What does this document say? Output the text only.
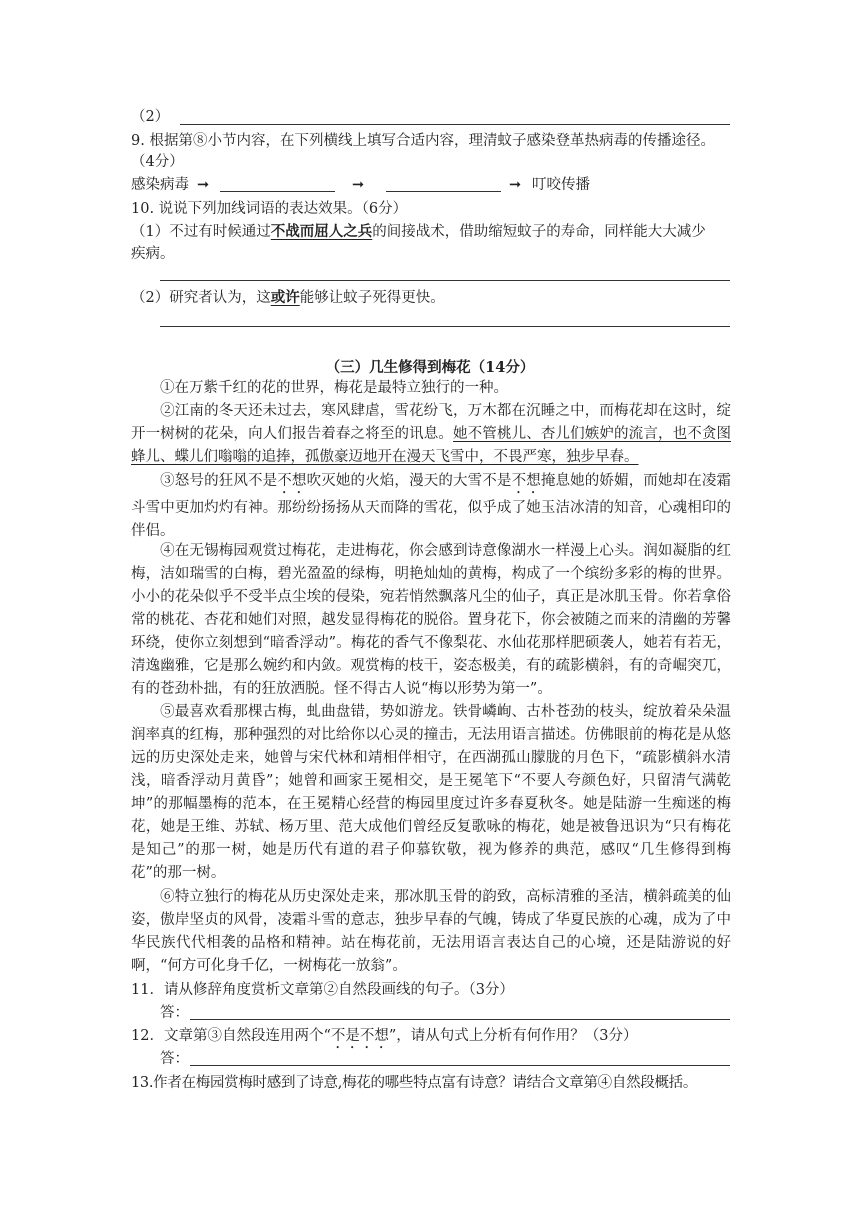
（2）
9. 根据第⑧小节内容，在下列横线上填写合适内容，理清蚊子感染登革热病毒的传播途径。
（4分）
感染病毒 ➞	➞	➞ 叮咬传播
10. 说说下列加线词语的表达效果。（6分）
（1）不过有时候通过不战而屈人之兵的间接战术，借助缩短蚊子的寿命，同样能大大减少
疾病。
（2）研究者认为，这或许能够让蚊子死得更快。
（三）几生修得到梅花（14分）
①在万紫千红的花的世界，梅花是最特立独行的一种。
②江南的冬天还未过去，寒风肆虐，雪花纷飞，万木都在沉睡之中，而梅花却在这时，绽开一树树的花朵，向人们报告着春之将至的讯息。她不管桃儿、杏儿们嫉妒的流言，也不贪图蜂儿、蝶儿们嗡嗡的追捧，孤傲豪迈地开在漫天飞雪中，不畏严寒，独步早春。
③怒号的狂风不是不想吹灭她的火焰，漫天的大雪不是不想掩息她的娇媚，而她却在凌霜斗雪中更加灼灼有神。那纷纷扬扬从天而降的雪花，似乎成了她玉洁冰清的知音，心魂相印的伴侣。
④在无锡梅园观赏过梅花，走进梅花，你会感到诗意像湖水一样漫上心头。润如凝脂的红梅，洁如瑞雪的白梅，碧光盈盈的绿梅，明艳灿灿的黄梅，构成了一个缤纷多彩的梅的世界。小小的花朵似乎不受半点尘埃的侵染，宛若悄然飘落凡尘的仙子，真正是冰肌玉骨。你若拿俗常的桃花、杏花和她们对照，越发显得梅花的脱俗。置身花下，你会被随之而来的清幽的芳馨环绕，使你立刻想到“暗香浮动”。梅花的香气不像梨花、水仙花那样肥硕袭人，她若有若无，清逸幽雅，它是那么婉约和内敛。观赏梅的枝干，姿态极美，有的疏影横斜，有的奇崛突兀，有的苍劲朴拙，有的狂放洒脱。怪不得古人说“梅以形势为第一”。
⑤最喜欢看那棵古梅，虬曲盘错，势如游龙。铁骨嶙峋、古朴苍劲的枝头，绽放着朵朵温润率真的红梅，那种强烈的对比给你以心灵的撞击，无法用语言描述。仿佛眼前的梅花是从悠远的历史深处走来，她曾与宋代林和靖相伴相守，在西湖孤山朦胧的月色下，“疏影横斜水清浅，暗香浮动月黄昏”；她曾和画家王冕相交，是王冕笔下“不要人夸颜色好，只留清气满乾坤”的那幅墨梅的范本，在王冕精心经营的梅园里度过许多春夏秋冬。她是陆游一生痴迷的梅花，她是王维、苏轼、杨万里、范大成他们曾经反复歌咏的梅花，她是被鲁迅识为“只有梅花是知己”的那一树，她是历代有道的君子仰慕钦敬，视为修养的典范，感叹“几生修得到梅花”的那一树。
⑥特立独行的梅花从历史深处走来，那冰肌玉骨的韵致，高标清雅的圣洁，横斜疏美的仙姿，傲岸坚贞的风骨，凌霜斗雪的意志，独步早春的气魄，铸成了华夏民族的心魂，成为了中华民族代代相袭的品格和精神。站在梅花前，无法用语言表达自己的心境，还是陆游说的好啊，“何方可化身千亿，一树梅花一放翁”。
11．请从修辞角度赏析文章第②自然段画线的句子。（3分）
答：
12．文章第③自然段连用两个“不是不想”，请从句式上分析有何作用？（3分）
答：
13.作者在梅园赏梅时感到了诗意,梅花的哪些特点富有诗意？请结合文章第④自然段概括。
